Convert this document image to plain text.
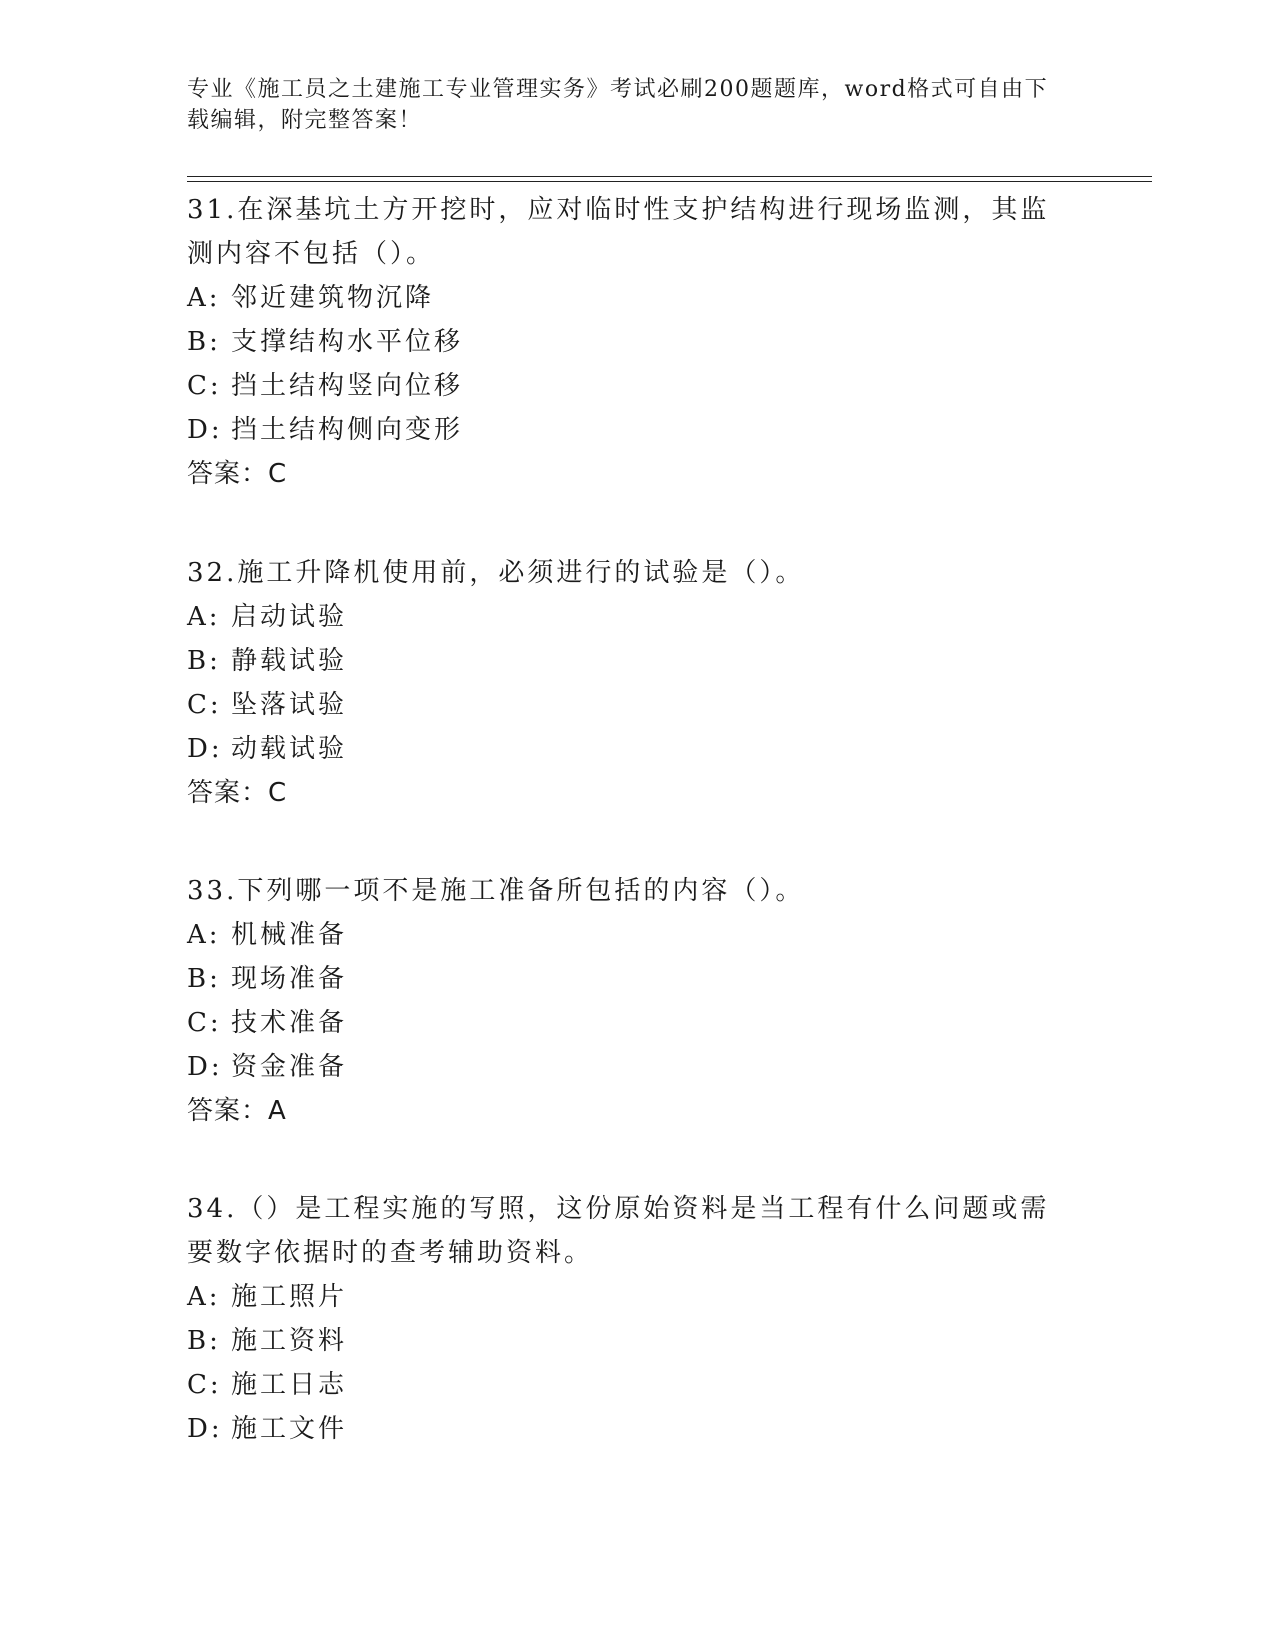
专业《施工员之土建施工专业管理实务》考试必刷200题题库，word格式可自由下载编辑，附完整答案！
31.在深基坑土方开挖时，应对临时性支护结构进行现场监测，其监测内容不包括（）。
A: 邻近建筑物沉降
B: 支撑结构水平位移
C: 挡土结构竖向位移
D: 挡土结构侧向变形
答案：C
32.施工升降机使用前，必须进行的试验是（）。
A: 启动试验
B: 静载试验
C: 坠落试验
D: 动载试验
答案：C
33.下列哪一项不是施工准备所包括的内容（）。
A: 机械准备
B: 现场准备
C: 技术准备
D: 资金准备
答案：A
34.（）是工程实施的写照，这份原始资料是当工程有什么问题或需要数字依据时的查考辅助资料。
A: 施工照片
B: 施工资料
C: 施工日志
D: 施工文件
